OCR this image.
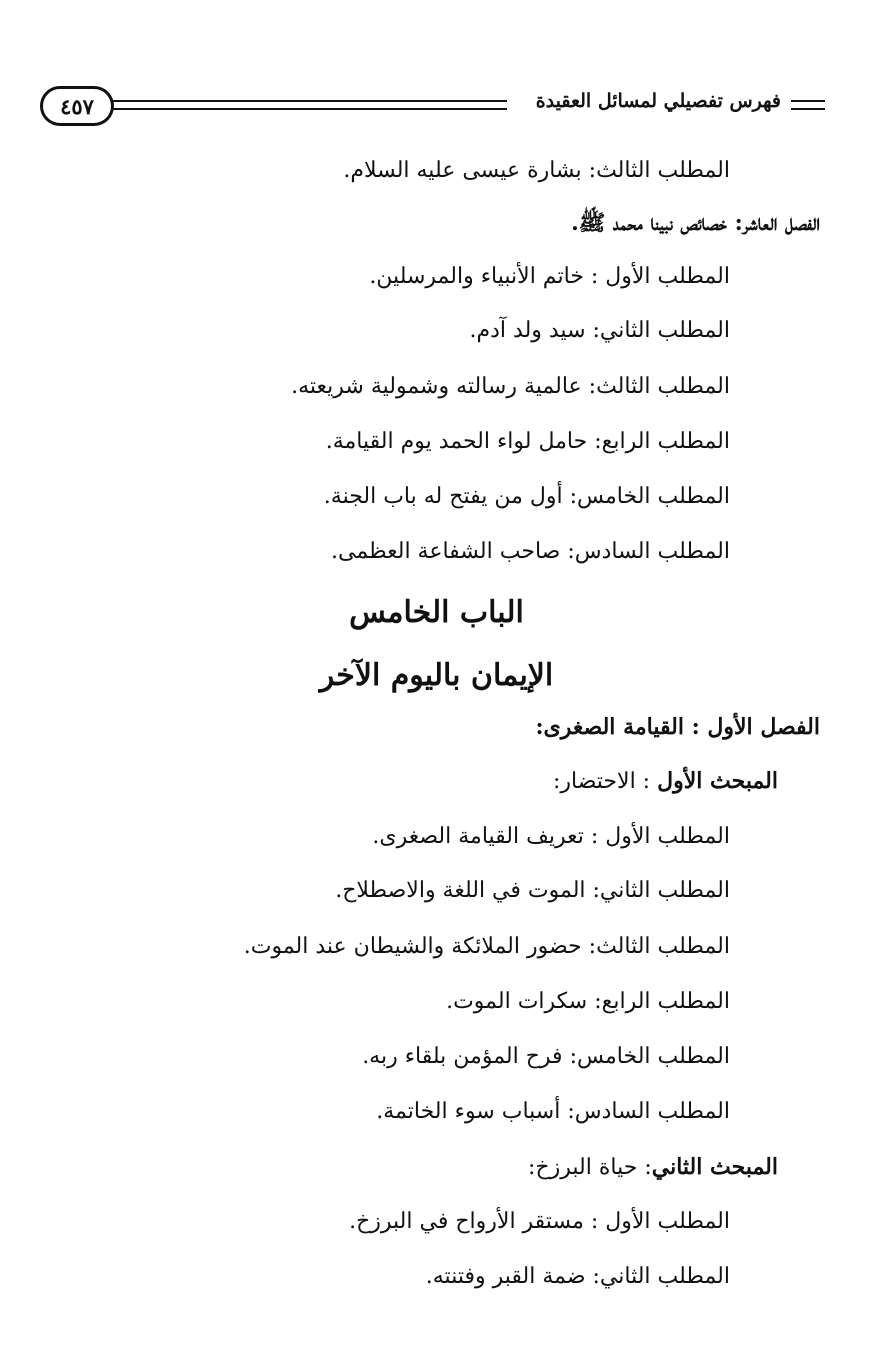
٤٥٧	فهرس تفصيلي لمسائل العقيدة
المطلب الثالث: بشارة عيسى عليه السلام.
الفصل العاشر: خصائص نبينا محمد ﷺ.
المطلب الأول : خاتم الأنبياء والمرسلين.
المطلب الثاني: سيد ولد آدم.
المطلب الثالث: عالمية رسالته وشمولية شريعته.
المطلب الرابع: حامل لواء الحمد يوم القيامة.
المطلب الخامس: أول من يفتح له باب الجنة.
المطلب السادس: صاحب الشفاعة العظمى.
الباب الخامس
الإيمان باليوم الآخر
الفصل الأول : القيامة الصغرى:
المبحث الأول : الاحتضار:
المطلب الأول : تعريف القيامة الصغرى.
المطلب الثاني: الموت في اللغة والاصطلاح.
المطلب الثالث: حضور الملائكة والشيطان عند الموت.
المطلب الرابع: سكرات الموت.
المطلب الخامس: فرح المؤمن بلقاء ربه.
المطلب السادس: أسباب سوء الخاتمة.
المبحث الثاني: حياة البرزخ:
المطلب الأول : مستقر الأرواح في البرزخ.
المطلب الثاني: ضمة القبر وفتنته.
